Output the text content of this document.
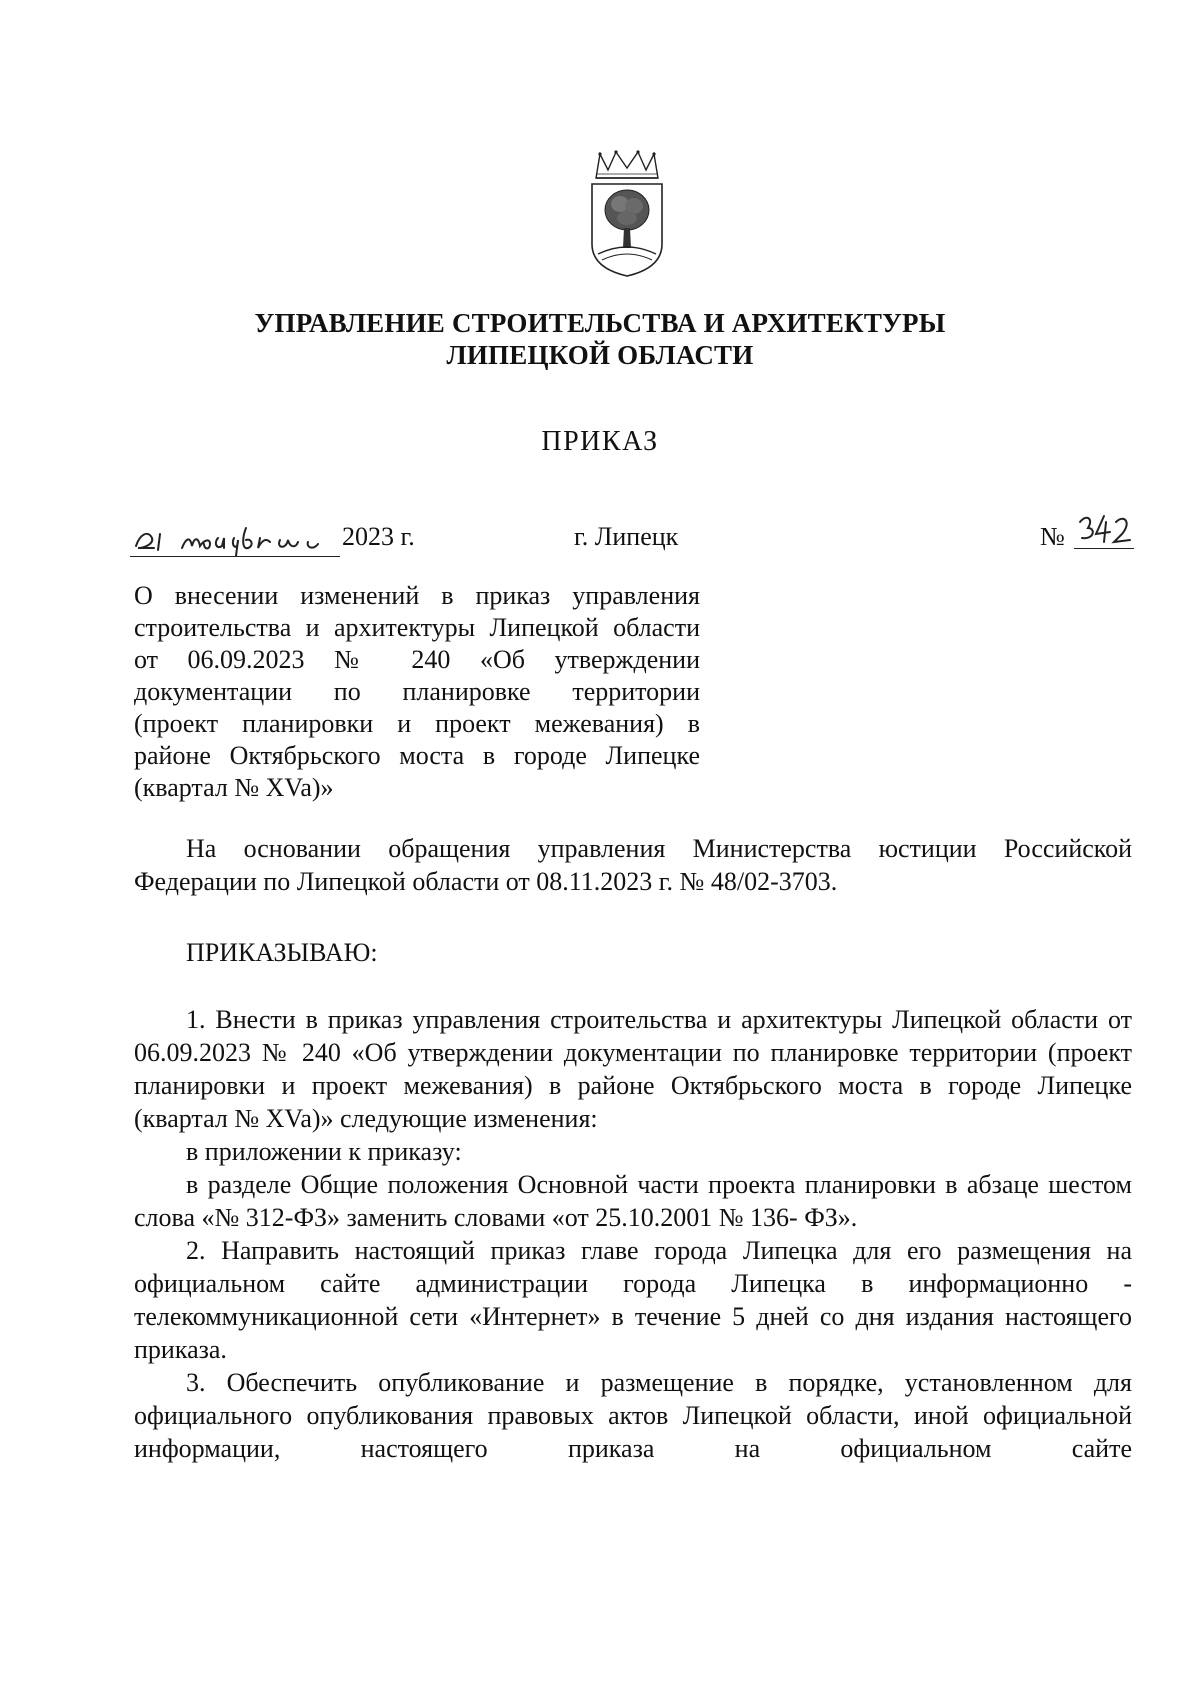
УПРАВЛЕНИЕ СТРОИТЕЛЬСТВА И АРХИТЕКТУРЫ
ЛИПЕЦКОЙ ОБЛАСТИ
ПРИКАЗ
2023 г.	г. Липецк	№
О внесении изменений в приказ управления
строительства и архитектуры Липецкой области
от 06.09.2023 № 240 «Об утверждении
документации по планировке территории
(проект планировки и проект межевания) в
районе Октябрьского моста в городе Липецке
(квартал № XVa)»
На основании обращения управления Министерства юстиции Российской Федерации по Липецкой области от 08.11.2023 г. № 48/02-3703.
ПРИКАЗЫВАЮ:

1. Внести в приказ управления строительства и архитектуры Липецкой области от 06.09.2023 № 240 «Об утверждении документации по планировке территории (проект планировки и проект межевания) в районе Октябрьского моста в городе Липецке (квартал № XVa)» следующие изменения:

в приложении к приказу:

в разделе Общие положения Основной части проекта планировки в абзаце шестом слова «№ 312-ФЗ» заменить словами «от 25.10.2001 № 136- ФЗ».

2. Направить настоящий приказ главе города Липецка для его размещения на официальном сайте администрации города Липецка в информационно - телекоммуникационной сети «Интернет» в течение 5 дней со дня издания настоящего приказа.

3. Обеспечить опубликование и размещение в порядке, установленном для официального опубликования правовых актов Липецкой области, иной официальной информации, настоящего приказа на официальном сайте
